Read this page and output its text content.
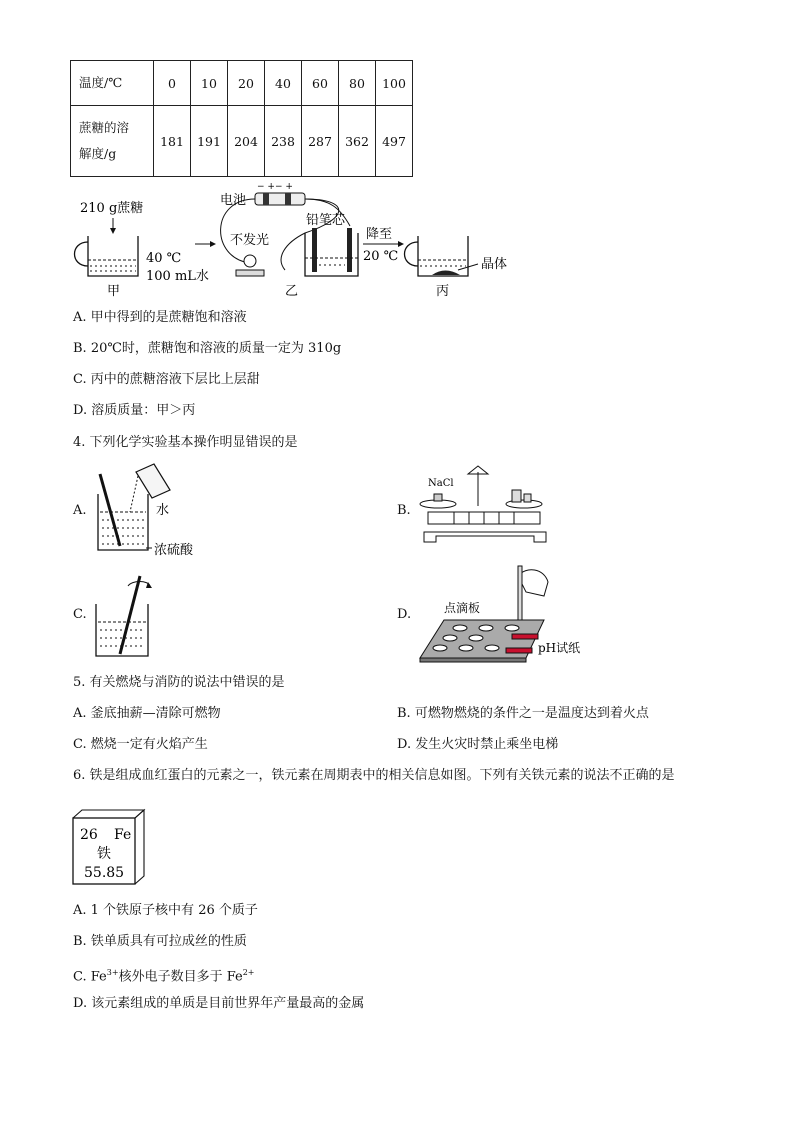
温度/℃	0	10	20	40	60	80	100
蔗糖的溶
解度/g	181	191	204	238	287	362	497
210 g蔗糖
40 ℃
100 mL水
甲
电池
− +− +
不发光
铅笔芯
乙
降至
20 ℃
晶体
丙
A. 甲中得到的是蔗糖饱和溶液
B. 20℃时，蔗糖饱和溶液的质量一定为 310g
C. 丙中的蔗糖溶液下层比上层甜
D. 溶质质量：甲＞丙
4. 下列化学实验基本操作明显错误的是
A.	水
浓硫酸
B.
NaCl
C.	D.	点滴板
pH试纸
5. 有关燃烧与消防的说法中错误的是
A. 釜底抽薪—清除可燃物	B. 可燃物燃烧的条件之一是温度达到着火点
C. 燃烧一定有火焰产生	D. 发生火灾时禁止乘坐电梯
6. 铁是组成血红蛋白的元素之一，铁元素在周期表中的相关信息如图。下列有关铁元素的说法不正确的是
26 Fe
铁
55.85
A. 1 个铁原子核中有 26 个质子
B. 铁单质具有可拉成丝的性质
C. $Fe^{3+}$核外电子数目多于 $Fe^{2+}$
D. 该元素组成的单质是目前世界年产量最高的金属
